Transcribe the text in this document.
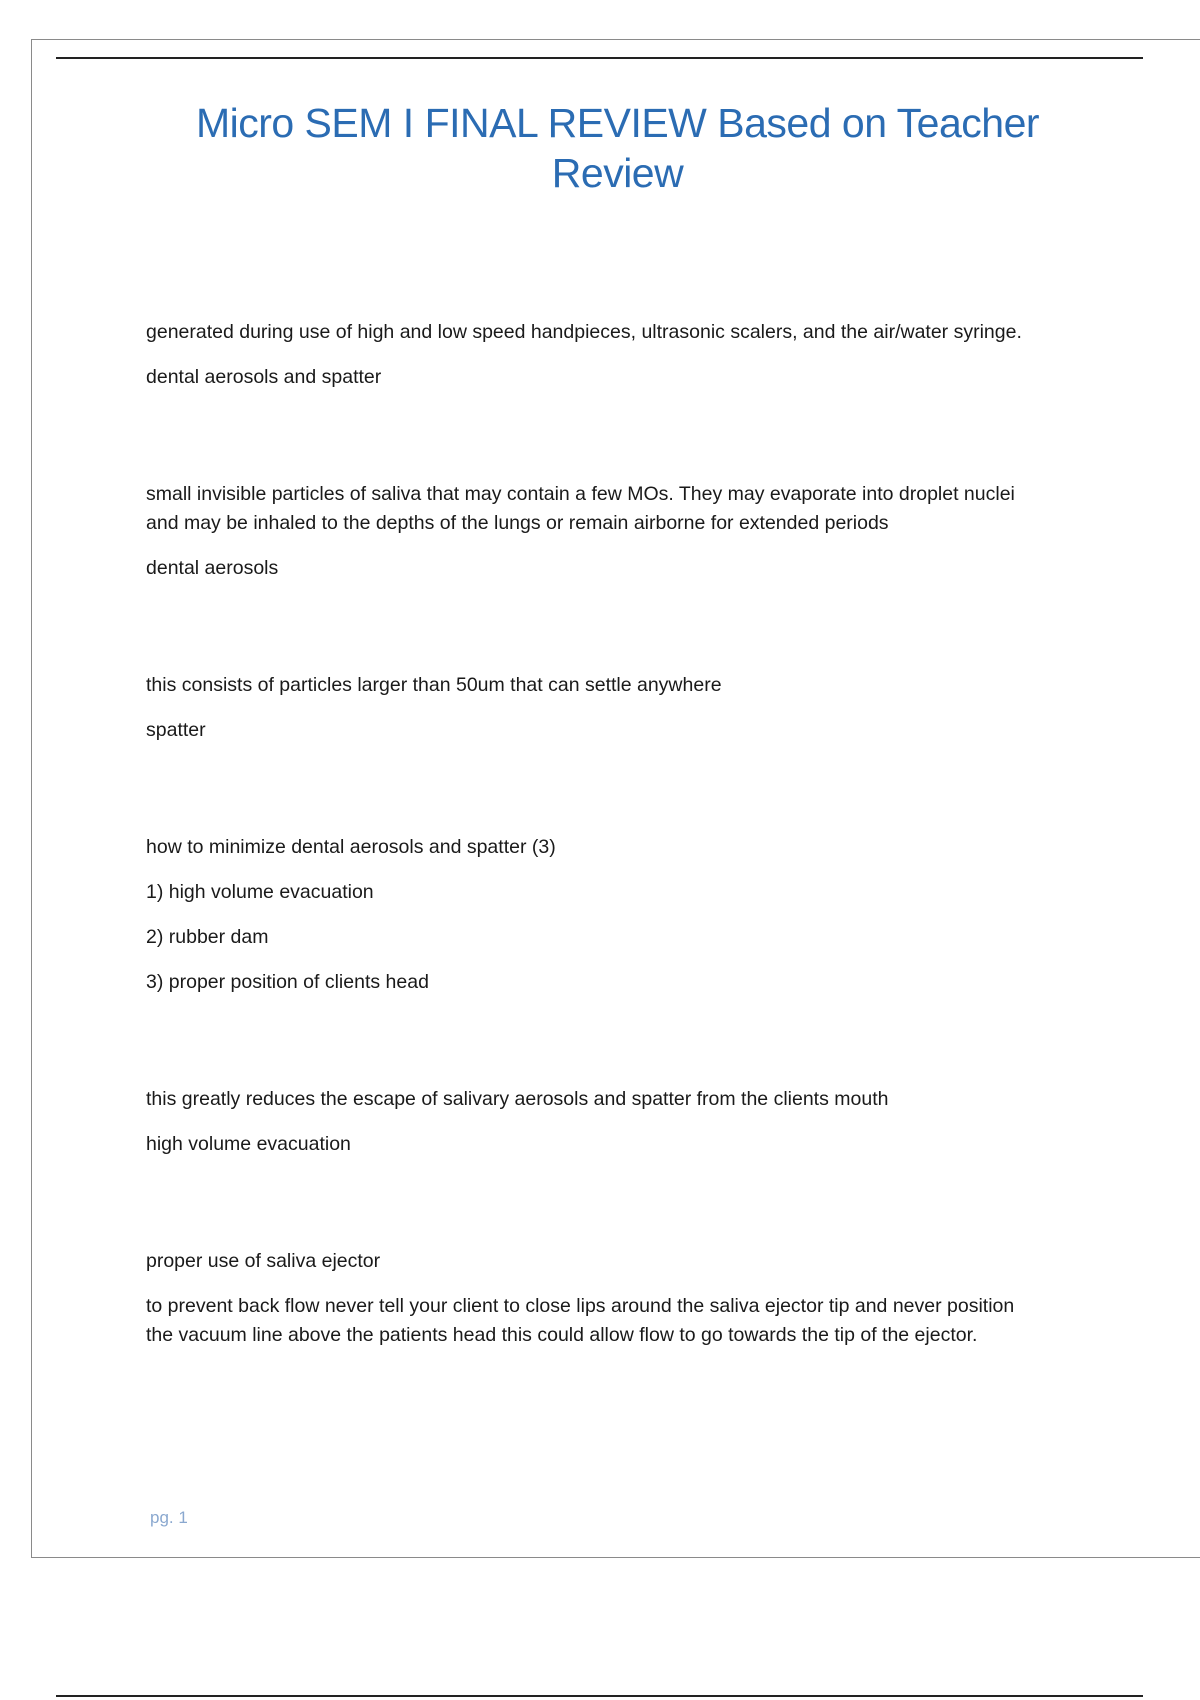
Micro SEM I FINAL REVIEW Based on Teacher Review

generated during use of high and low speed handpieces, ultrasonic scalers, and the air/water syringe.

dental aerosols and spatter

small invisible particles of saliva that may contain a few MOs. They may evaporate into droplet nuclei

and may be inhaled to the depths of the lungs or remain airborne for extended periods

dental aerosols

this consists of particles larger than 50um that can settle anywhere

spatter

how to minimize dental aerosols and spatter (3)

1) high volume evacuation

2) rubber dam

3) proper position of clients head

this greatly reduces the escape of salivary aerosols and spatter from the clients mouth

high volume evacuation

proper use of saliva ejector

to prevent back flow never tell your client to close lips around the saliva ejector tip and never position

the vacuum line above the patients head this could allow flow to go towards the tip of the ejector.

pg. 1
